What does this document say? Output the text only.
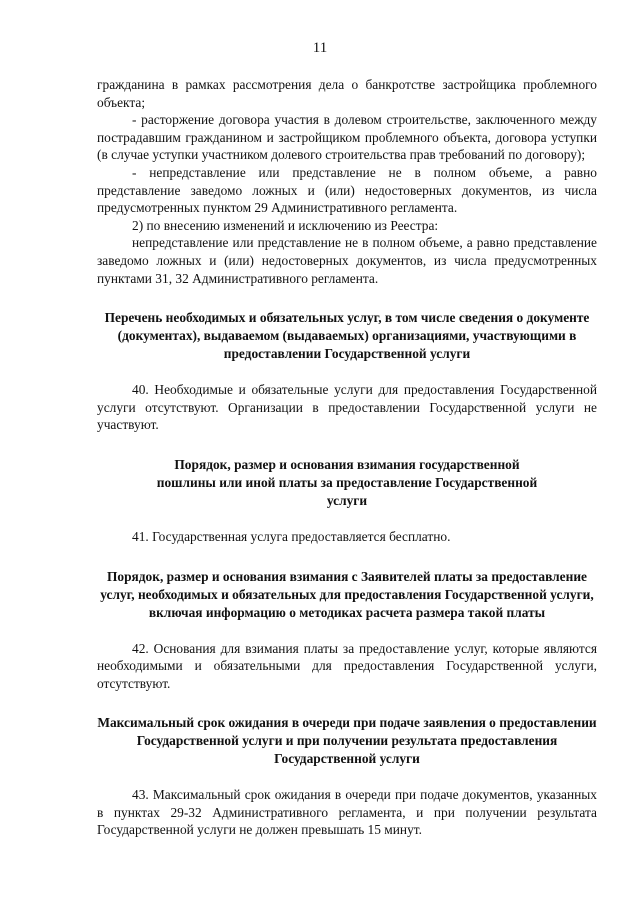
11

гражданина в рамках рассмотрения дела о банкротстве застройщика проблемного объекта;

- расторжение договора участия в долевом строительстве, заключенного между пострадавшим гражданином и застройщиком проблемного объекта, договора уступки (в случае уступки участником долевого строительства прав требований по договору);

- непредставление или представление не в полном объеме, а равно представление заведомо ложных и (или) недостоверных документов, из числа предусмотренных пунктом 29 Административного регламента.

2) по внесению изменений и исключению из Реестра:

непредставление или представление не в полном объеме, а равно представление заведомо ложных и (или) недостоверных документов, из числа предусмотренных пунктами 31, 32 Административного регламента.

Перечень необходимых и обязательных услуг, в том числе сведения о документе (документах), выдаваемом (выдаваемых) организациями, участвующими в предоставлении Государственной услуги

40. Необходимые и обязательные услуги для предоставления Государственной услуги отсутствуют. Организации в предоставлении Государственной услуги не участвуют.

Порядок, размер и основания взимания государственной пошлины или иной платы за предоставление Государственной услуги

41. Государственная услуга предоставляется бесплатно.

Порядок, размер и основания взимания с Заявителей платы за предоставление услуг, необходимых и обязательных для предоставления Государственной услуги, включая информацию о методиках расчета размера такой платы

42. Основания для взимания платы за предоставление услуг, которые являются необходимыми и обязательными для предоставления Государственной услуги, отсутствуют.

Максимальный срок ожидания в очереди при подаче заявления о предоставлении Государственной услуги и при получении результата предоставления Государственной услуги

43. Максимальный срок ожидания в очереди при подаче документов, указанных в пунктах 29-32 Административного регламента, и при получении результата Государственной услуги не должен превышать 15 минут.
